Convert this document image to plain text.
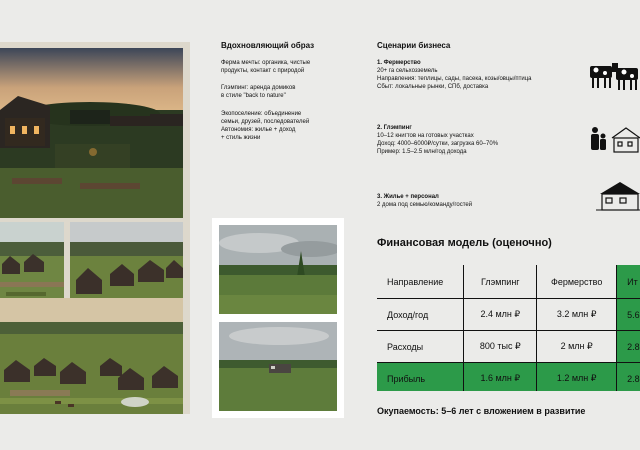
Вдохновляющий образ
Ферма мечты: органика, чистые
продукты, контакт с природой
Глэмпинг: аренда домиков
в стиле "back to nature"
Экопоселение: объединение
семьи, друзей, последователей
Автономия: жилье + доход
+ стиль жизни
Сценарии бизнеса
1. Фермерство
20+ га сельхозземель
Направления: теплицы, сады, пасека, козы/овцы/птица
Сбыт: локальные рынки, СПб, доставка
2. Глэмпинг
10–12 книгтов на готовых участках
Доход: 4000–6000₽/сутки, загрузка 60–70%
Пример: 1.5–2.5 млн/год дохода
3. Жилье + персонал
2 дома под семью/команду/гостей
Финансовая модель (оценочно)
Направление	Глэмпинг	Фермерство	Ит
Доход/год	2.4 млн ₽	3.2 млн ₽	5.6
Расходы	800 тыс ₽	2 млн ₽	2.8
Прибыль	1.6 млн ₽	1.2 млн ₽	2.8
Окупаемость: 5–6 лет с вложением в развитие
